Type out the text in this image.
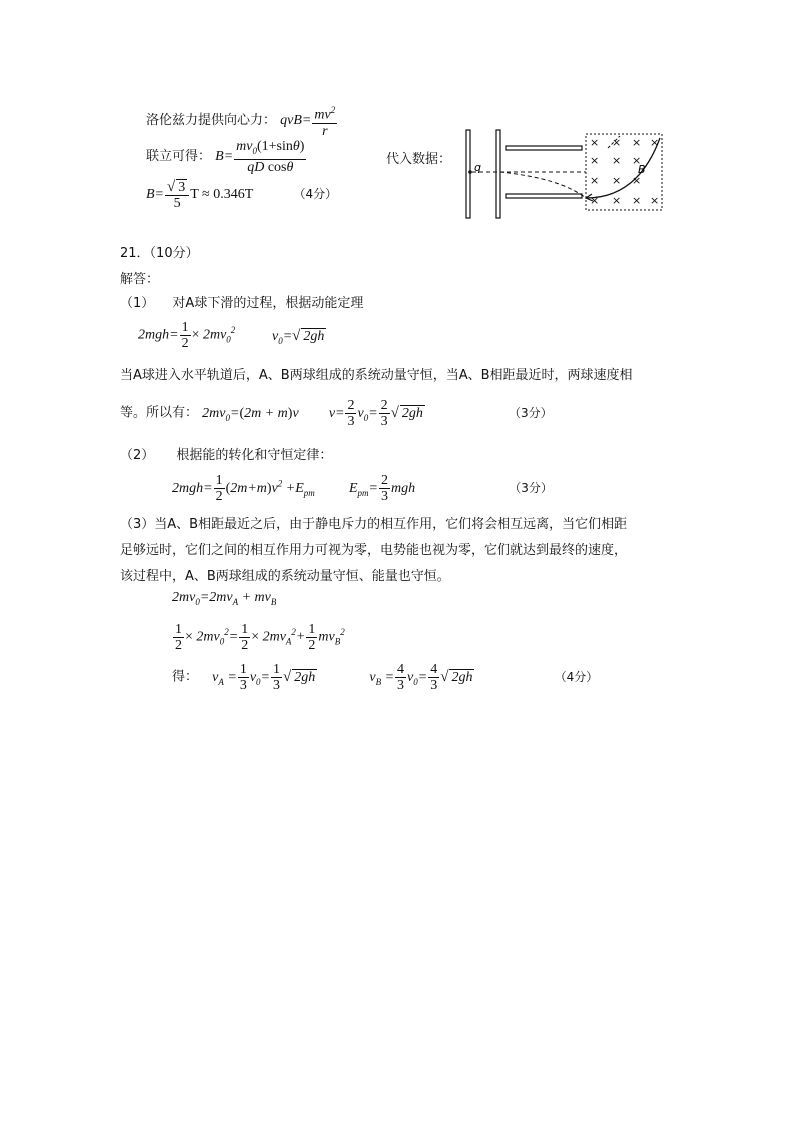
洛伦兹力提供向心力： $qvB= \frac{mv^2}{r}$
联立可得： $B= \frac{mv_0(1+\sin\theta)}{\text{qD cosθ}}$	代入数据：
$B= \frac{√ 3}{5}$ T ≈ 0.346T	（4分）
q
× × × ×
× × ×
× × ×
× × × ×
B
21．（10分）
解答：
（1） 对A球下滑的过程，根据动能定理
$2mgh= \frac{1}{2} \times 2mv_0^2$	$v_0=√$ 2gh
当A球进入水平轨道后，A、B两球组成的系统动量守恒，当A、B相距最近时，两球速度相
等。所以有： $2mv_0=(2m + m)v$ $v= \frac{2}{3} v_0= \frac{2}{3}$ √ 2gh	（3分）
（2） 根据能的转化和守恒定律：
$2mgh= \frac{1}{2} (2m+m)v^2 +E_{pm}$ $E_{pm}= \frac{2}{3}$ mgh	（3分）
（3）当A、B相距最近之后，由于静电斥力的相互作用，它们将会相互远离，当它们相距
足够远时，它们之间的相互作用力可视为零，电势能也视为零，它们就达到最终的速度，
该过程中，A、B两球组成的系统动量守恒、能量也守恒。
$2mv_0=2mv_A + mv_B$
$\frac{1}{2} \times 2mv_0^2= \frac{1}{2} \times 2mv_A^2+ \frac{1}{2} mv_B^2$
得： $v_A = \frac{1}{3} v_0= \frac{1}{3}$ √ 2gh	$v_B = \frac{4}{3} v_0= \frac{4}{3}$ √ 2gh	（4分）
